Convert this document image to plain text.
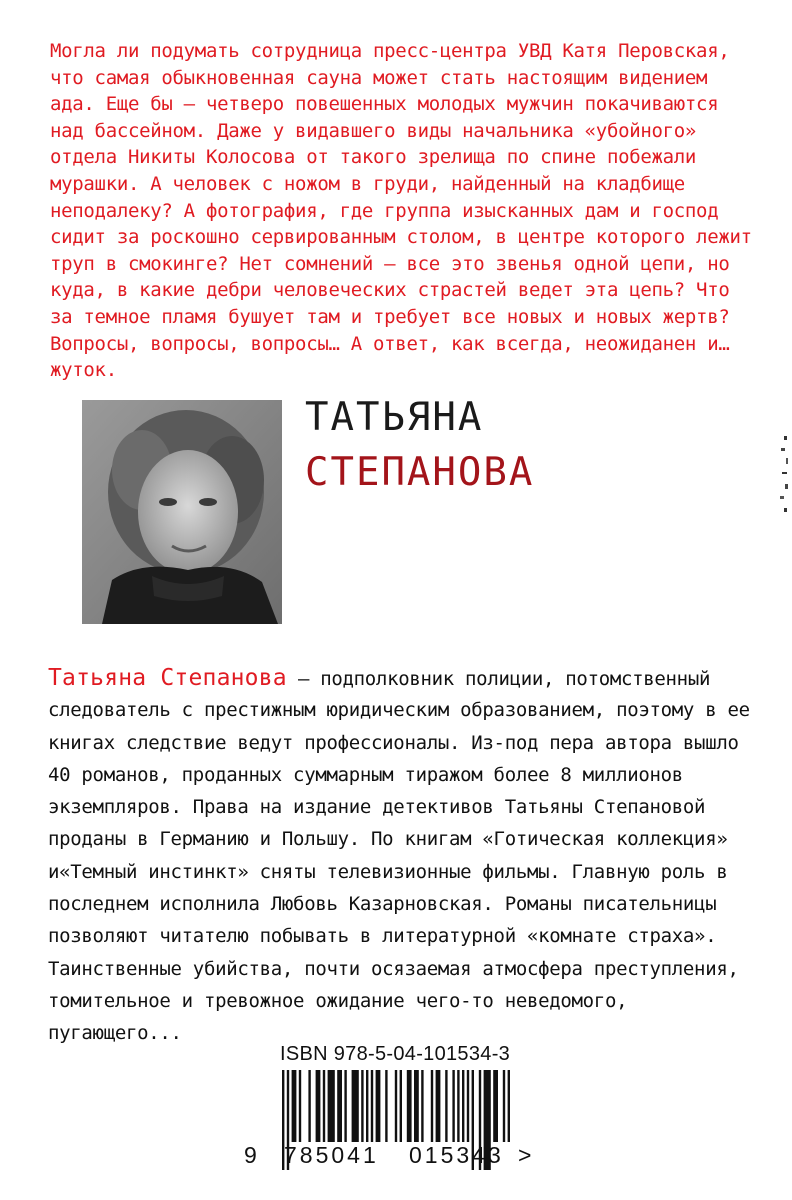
Могла ли подумать сотрудница пресс-центра УВД Катя Перовская,
что самая обыкновенная сауна может стать настоящим видением
ада. Еще бы – четверо повешенных молодых мужчин покачиваются
над бассейном. Даже у видавшего виды начальника «убойного»
отдела Никиты Колосова от такого зрелища по спине побежали
мурашки. А человек с ножом в груди, найденный на кладбище
неподалеку? А фотография, где группа изысканных дам и господ
сидит за роскошно сервированным столом, в центре которого лежит
труп в смокинге? Нет сомнений – все это звенья одной цепи, но
куда, в какие дебри человеческих страстей ведет эта цепь? Что
за темное пламя бушует там и требует все новых и новых жертв?
Вопросы, вопросы, вопросы… А ответ, как всегда, неожиданен и…
жуток.
ТАТЬЯНА
СТЕПАНОВА
Татьяна Степанова – подполковник полиции, потомственный
следователь с престижным юридическим образованием, поэтому в ее
книгах следствие ведут профессионалы. Из-под пера автора вышло
40 романов, проданных суммарным тиражом более 8 миллионов
экземпляров. Права на издание детективов Татьяны Степановой
проданы в Германию и Польшу. По книгам «Готическая коллекция»
и«Темный инстинкт» сняты телевизионные фильмы. Главную роль в
последнем исполнила Любовь Казарновская. Романы писательницы
позволяют читателю побывать в литературной «комнате страха».
Таинственные убийства, почти осязаемая атмосфера преступления,
томительное и тревожное ожидание чего-то неведомого,
пугающего...
ISBN 978-5-04-101534-3
9 785041 015343 >
